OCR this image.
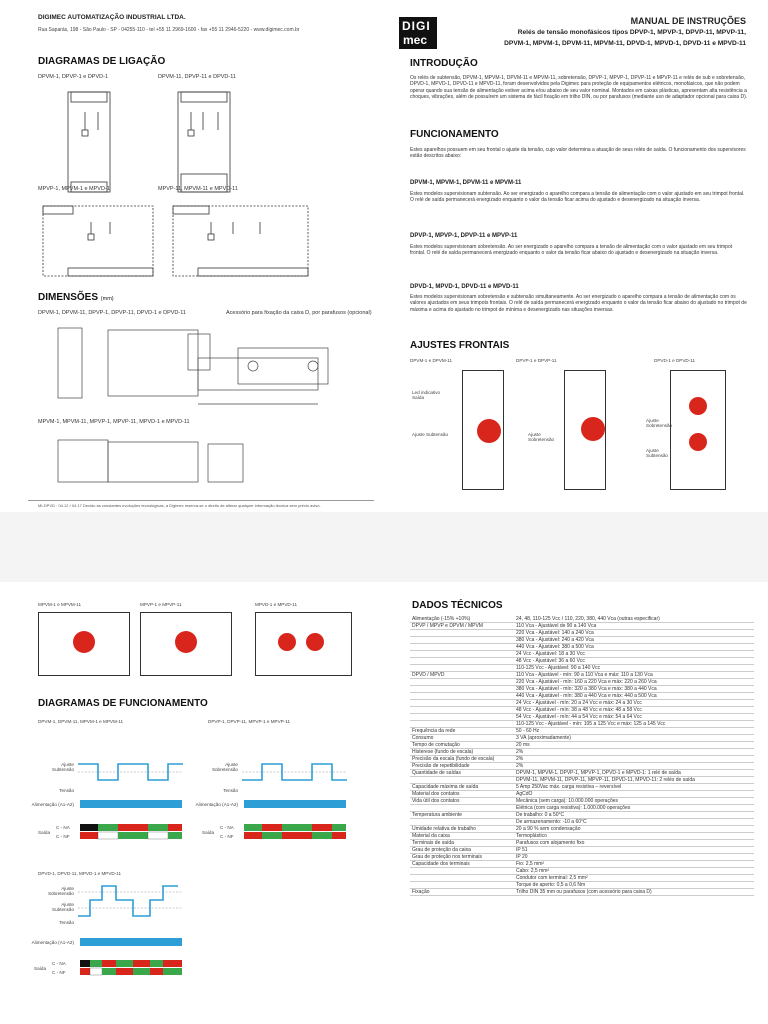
DIGIMEC AUTOMATIZAÇÃO INDUSTRIAL LTDA.
Rua Saparás, 198 - São Paulo - SP - 04255-110 - tel +55 11 2969-1600 - fax +55 11 2946-5220 - www.digimec.com.br	DIGI
mec
MANUAL DE INSTRUÇÕES
Relés de tensão monofásicos tipos DPVP-1, MPVP-1, DPVP-11, MPVP-11,
DPVM-1, MPVM-1, DPVM-11, MPVM-11, DPVD-1, MPVD-1, DPVD-11 e MPVD-11
DIAGRAMAS DE LIGAÇÃO
DPVM-1, DPVP-1 e DPVD-1	DPVM-11, DPVP-11 e DPVD-11
MPVP-1, MPVM-1 e MPVD-1	MPVP-11, MPVM-11 e MPVD-11
DIMENSÕES (mm)
DPVM-1, DPVM-11, DPVP-1, DPVP-11, DPVD-1 e DPVD-11	Acessório para fixação da caixa D, por parafusos (opcional)
MPVM-1, MPVM-11, MPVP-1, MPVP-11, MPVD-1 e MPVD-11
MI-DPVD · 04.12 / 04.17 Devido às constantes evoluções tecnológicas, a Digimec reserva-se o direito de alterar qualquer informação técnica sem prévio aviso.
INTRODUÇÃO
Os relés de subtensão, DPVM-1, MPVM-1, DPVM-11 e MPVM-11, sobretensão, DPVP-1, MPVP-1, DPVP-11 e MPVP-11 e relés de sub e sobretensão, DPVD-1, MPVD-1, DPVD-11 e MPVD-11, foram desenvolvidos pela Digimec para proteção de equipamentos elétricos, monofásicos, que não podem operar quando sua tensão de alimentação estiver acima e/ou abaixo de seu valor nominal. Montados em caixas plásticas, apresentam alta resistência a choques, vibrações, além de possuírem um sistema de fácil fixação em trilho DIN, ou por parafusos (mediante uso de adaptador opcional para caixa D).
FUNCIONAMENTO
Estes aparelhos possuem em seu frontal o ajuste da tensão, cujo valor determina a atuação de seus relés de saída. O funcionamento dos supervisores estão descritos abaixo:
DPVM-1, MPVM-1, DPVM-11 e MPVM-11
Estes modelos supervisionam subtensão. Ao ser energizado o aparelho compara a tensão de alimentação com o valor ajustado em seu trimpot frontal. O relé de saída permanecerá energizado enquanto o valor da tensão ficar acima do ajustado e desenergizado na situação inversa.
DPVP-1, MPVP-1, DPVP-11 e MPVP-11
Estes modelos supervisionam sobretensão. Ao ser energizado o aparelho compara a tensão de alimentação com o valor ajustado em seu trimpot frontal. O relé de saída permanecerá energizado enquanto o valor da tensão ficar abaixo do ajustado e desenergizado na situação inversa.
DPVD-1, MPVD-1, DPVD-11 e MPVD-11
Estes modelos supervisionam sobretensão e subtensão simultaneamente. Ao ser energizado o aparelho compara a tensão de alimentação com os valores ajustados em seus trimpots frontais. O relé de saída permanecerá energizado enquanto o valor da tensão ficar abaixo do ajustado no trimpot de máxima e acima do ajustado no trimpot de mínima e desenergizado nas situações inversas.
AJUSTES FRONTAIS
DPVM-1 e DPVM-11	DPVP-1 e DPVP-11	DPVD-1 e DPVD-11
Led indicativo Saída
Ajuste Subtensão	Ajuste Sobretensão
Ajuste Sobretensão
Ajuste Subtensão
MPVM-1 e MPVM-11	MPVP-1 e MPVP-11	MPVD-1 e MPVD-11
DIAGRAMAS DE FUNCIONAMENTO
DPVM-1, DPVM-11, MPVM-1 e MPVM-11	DPVP-1, DPVP-11, MPVP-1 e MPVP-11
DPVD-1, DPVD-11, MPVD-1 e MPVD-11
Ajuste Subtensão
Tensão
Alimentação (A1-A2)
Saída
C - NA
C - NF
Ajuste Sobretensão
Tensão
Alimentação (A1-A2)
Saída
C - NA
C - NF
Ajuste Sobretensão
Ajuste Subtensão
Tensão
Alimentação (A1-A2)
Saída
C - NA
C - NF
DADOS TÉCNICOS
Alimentação (-15% +10%)	24, 48, 110-125 Vcc / 110, 220, 380, 440 Vca (outras especificar)
DPVP / MPVP e DPVM / MPVM	110 Vca - Ajustável de 90 a 140 Vca
	220 Vca - Ajustável: 140 a 240 Vca
	380 Vca - Ajustável: 240 a 420 Vca
	440 Vca - Ajustável: 380 a 500 Vca
	24 Vcc - Ajustável: 18 a 30 Vcc
	48 Vcc - Ajustável: 36 a 60 Vcc
	110-125 Vcc - Ajustável: 90 a 140 Vcc
DPVD / MPVD	110 Vca - Ajustável - mín: 90 a 110 Vca e máx: 110 a 130 Vca
	220 Vca - Ajustável - mín: 160 a 220 Vca e máx: 220 a 260 Vca
	380 Vca - Ajustável - mín: 320 a 380 Vca e máx: 380 a 440 Vca
	440 Vca - Ajustável - mín: 380 a 440 Vca e máx: 440 a 500 Vca
	24 Vcc - Ajustável - mín: 20 a 24 Vcc e máx: 24 a 30 Vcc
	48 Vcc - Ajustável - mín: 38 a 48 Vcc e máx: 48 a 58 Vcc
	54 Vcc - Ajustável - mín: 44 a 54 Vcc e máx: 54 a 64 Vcc
	110-125 Vcc - Ajustável - mín: 105 a 125 Vcc e máx: 125 a 145 Vcc
Frequência da rede	50 - 60 Hz
Consumo	3 VA (aproximadamente)
Tempo de comutação	20 ms
Histerese (fundo de escala)	2%
Precisão da escala (fundo de escala)	2%
Precisão de repetibilidade	2%
Quantidade de saídas	DPVM-1, MPVM-1, DPVP-1, MPVP-1, DPVD-1 e MPVD-1: 1 relé de saída
	DPVM-11, MPVM-11, DPVP-11, MPVP-11, DPVD-11, MPVD-11: 2 relés de saída
Capacidade máxima de saída	5 Amp 250Vac máx. carga resistiva – reversível
Material dos contatos	AgCdO
Vida útil dos contatos	Mecânica (sem carga): 10.000.000 operações
	Elétrica (com carga resistiva): 1.000.000 operações
Temperatura ambiente	De trabalho: 0 a 50°C
	De armazenamento: -10 a 60°C
Umidade relativa de trabalho	20 a 90 % sem condensação
Material da caixa	Termoplástico
Terminais de saída	Parafusos com alojamento fixo
Grau de proteção da caixa	IP 51
Grau de proteção nos terminais	IP 20
Capacidade dos terminais	Fio: 2,5 mm²
	Cabo: 2,5 mm²
	Condutor com terminal: 2,5 mm²
	Torque de aperto: 0,5 a 0,6 Nm
Fixação	Trilho DIN 35 mm ou parafusos (com acessório para caixa D)
